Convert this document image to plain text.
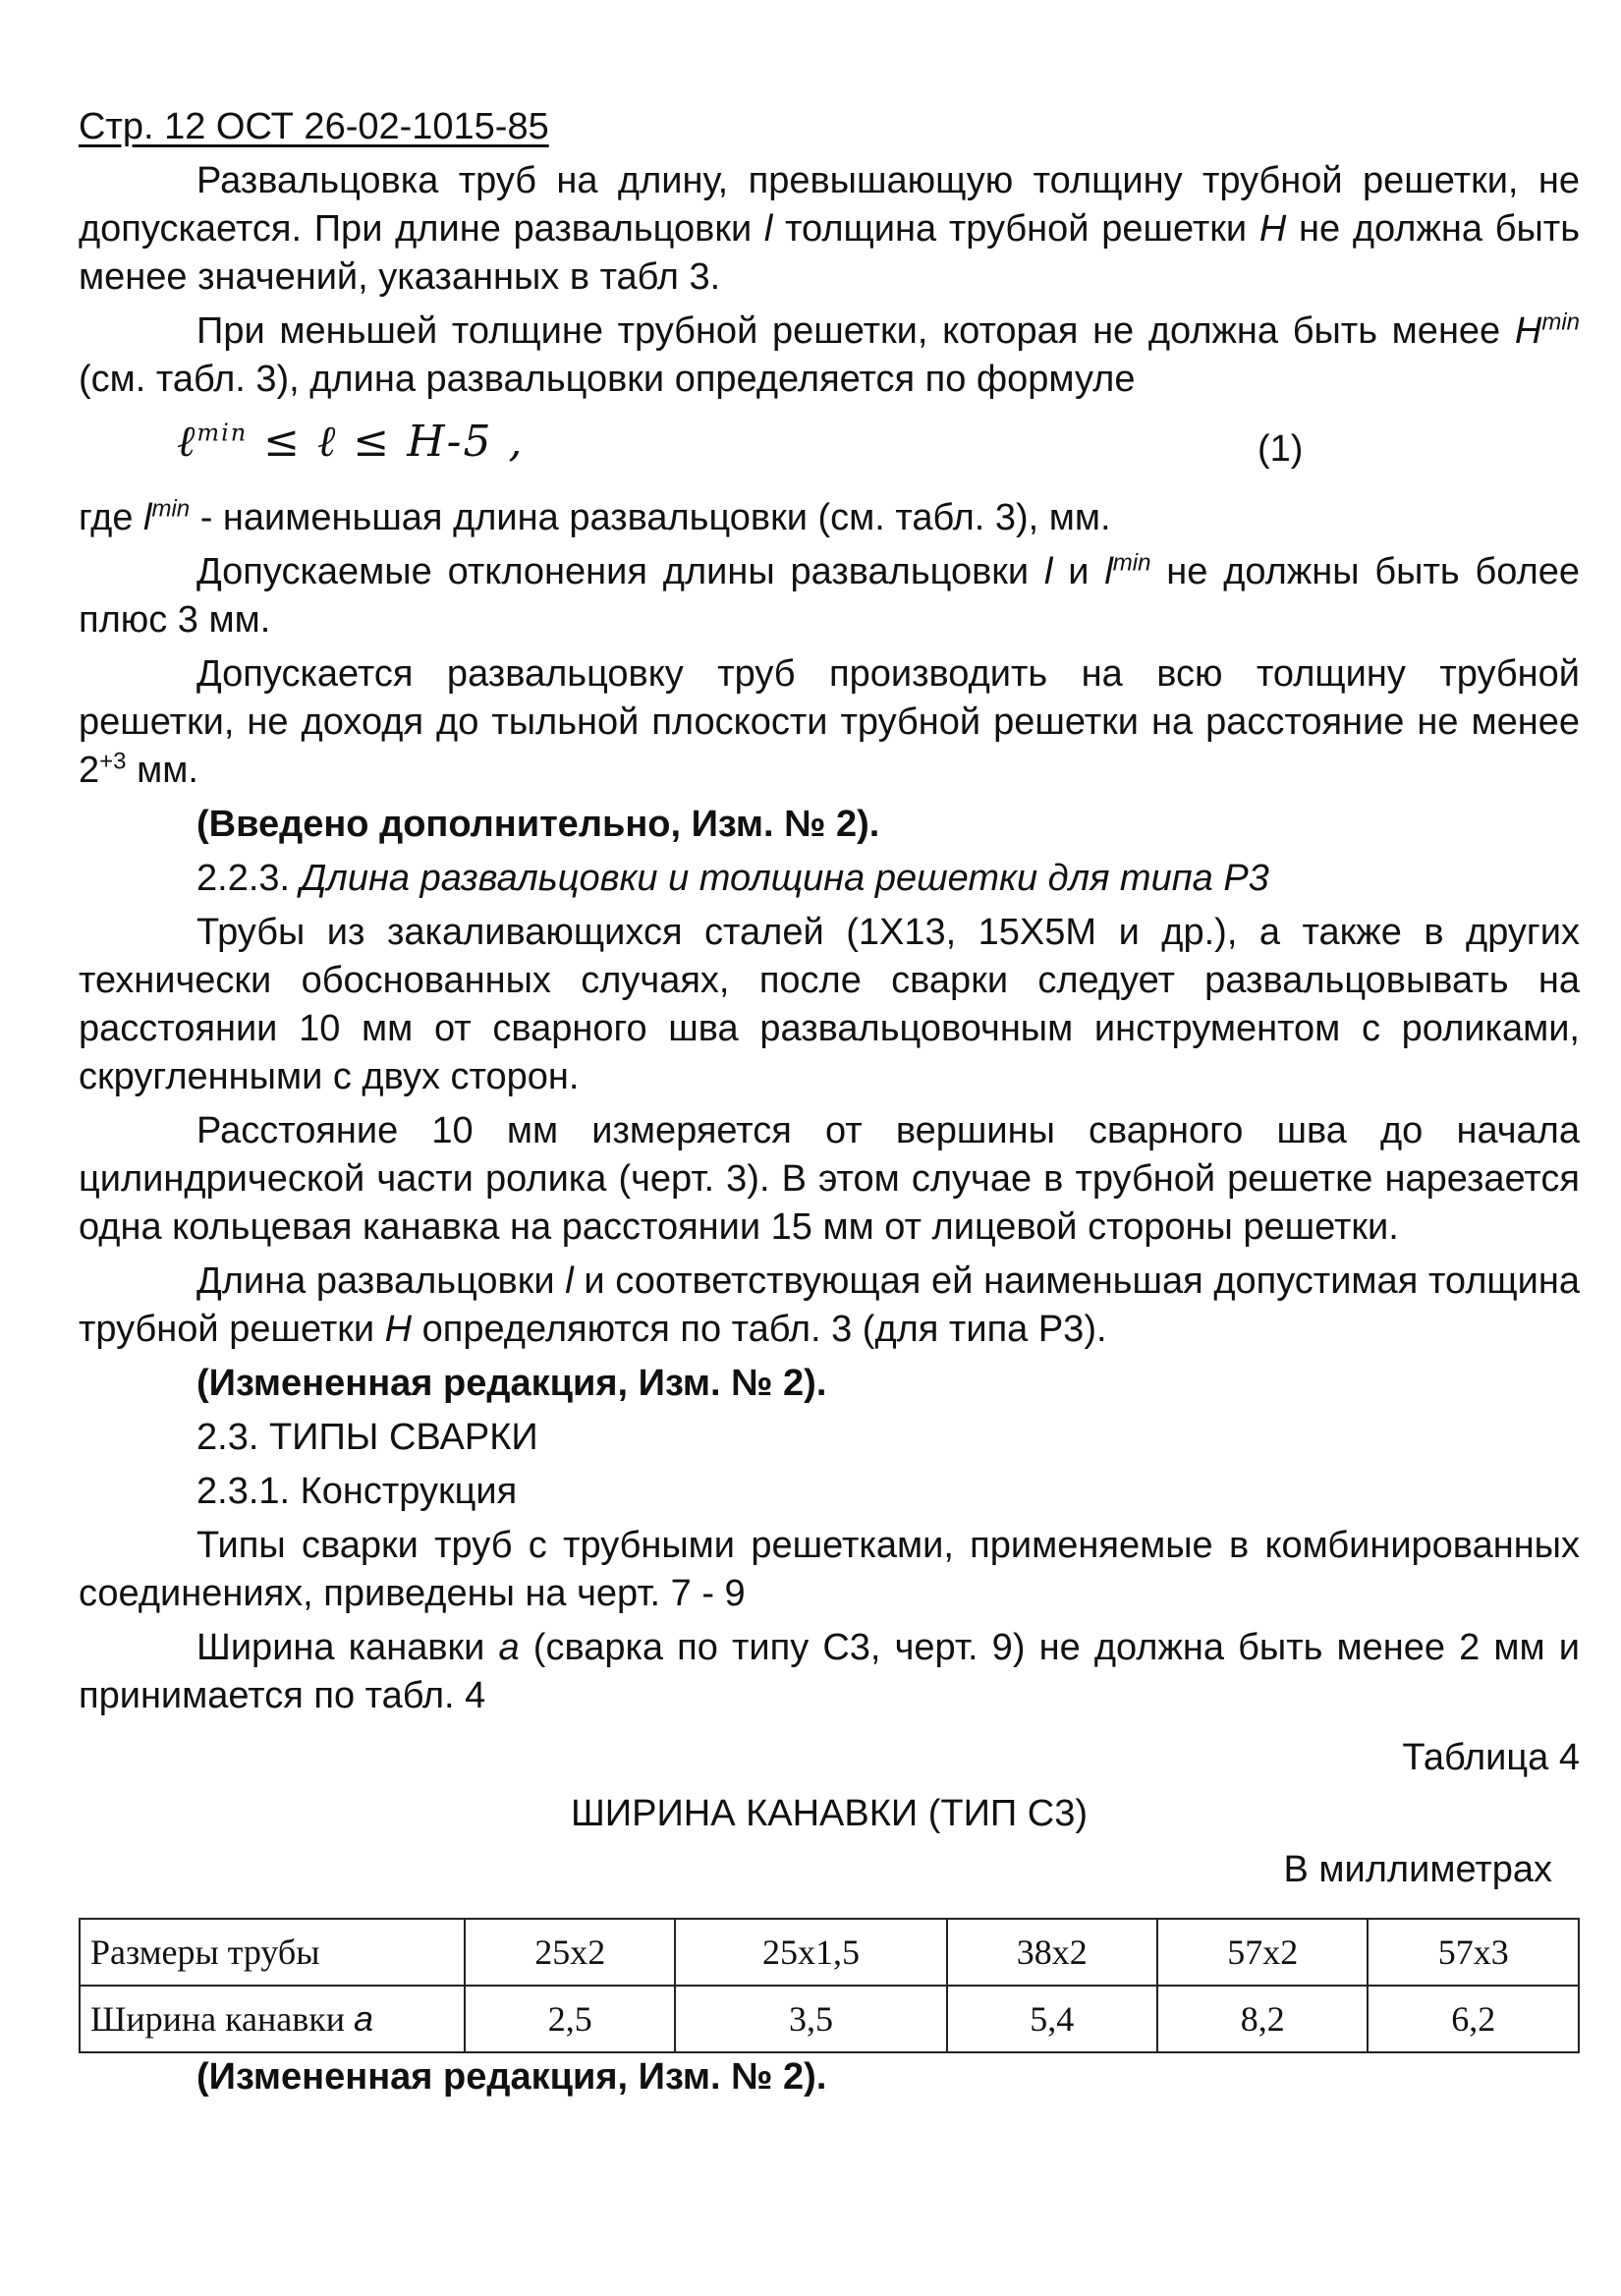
Стр. 12 ОСТ 26-02-1015-85

Развальцовка труб на длину, превышающую толщину трубной решетки, не допускается. При длине развальцовки l толщина трубной решетки H не должна быть менее значений, указанных в табл 3.

При меньшей толщине трубной решетки, которая не должна быть менее $H^{min}$ (см. табл. 3), длина развальцовки определяется по формуле

ℓ$^{min}$ ≤ ℓ ≤ H-5 ,	(1)

где $l^{min}$ - наименьшая длина развальцовки (см. табл. 3), мм.

Допускаемые отклонения длины развальцовки l и $l^{min}$ не должны быть более плюс 3 мм.

Допускается развальцовку труб производить на всю толщину трубной решетки, не доходя до тыльной плоскости трубной решетки на расстояние не менее $2^{+3}$ мм.

(Введено дополнительно, Изм. № 2).

2.2.3. Длина развальцовки и толщина решетки для типа Р3

Трубы из закаливающихся сталей (1Х13, 15Х5М и др.), а также в других технически обоснованных случаях, после сварки следует развальцовывать на расстоянии 10 мм от сварного шва развальцовочным инструментом с роликами, скругленными с двух сторон.

Расстояние 10 мм измеряется от вершины сварного шва до начала цилиндрической части ролика (черт. 3). В этом случае в трубной решетке нарезается одна кольцевая канавка на расстоянии 15 мм от лицевой стороны решетки.

Длина развальцовки l и соответствующая ей наименьшая допустимая толщина трубной решетки H определяются по табл. 3 (для типа Р3).

(Измененная редакция, Изм. № 2).

2.3. ТИПЫ СВАРКИ

2.3.1. Конструкция

Типы сварки труб с трубными решетками, применяемые в комбинированных соединениях, приведены на черт. 7 - 9

Ширина канавки а (сварка по типу С3, черт. 9) не должна быть менее 2 мм и принимается по табл. 4

Таблица 4
ШИРИНА КАНАВКИ (ТИП С3)
В миллиметрах
Размеры трубы	25x2	25x1,5	38x2	57x2	57x3
Ширина канавки а	2,5	3,5	5,4	8,2	6,2

(Измененная редакция, Изм. № 2).
